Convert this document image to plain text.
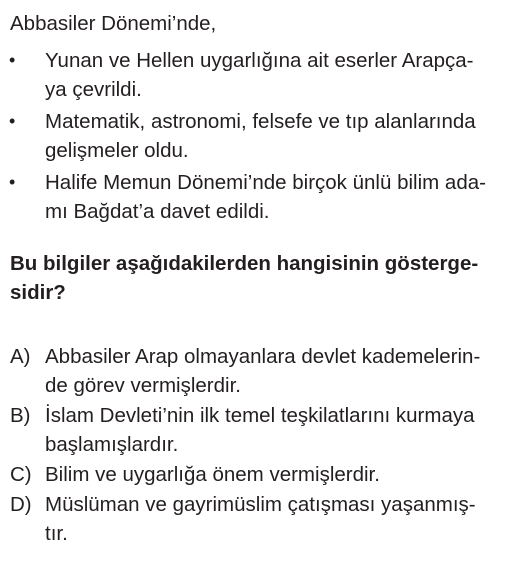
Abbasiler Dönemi’nde,
• Yunan ve Hellen uygarlığına ait eserler Arapça-
ya çevrildi.
• Matematik, astronomi, felsefe ve tıp alanlarında
gelişmeler oldu.
• Halife Memun Dönemi’nde birçok ünlü bilim ada-
mı Bağdat’a davet edildi.
Bu bilgiler aşağıdakilerden hangisinin gösterge-
sidir?
A) Abbasiler Arap olmayanlara devlet kademelerin-
de görev vermişlerdir.
B) İslam Devleti’nin ilk temel teşkilatlarını kurmaya
başlamışlardır.
C) Bilim ve uygarlığa önem vermişlerdir.
D) Müslüman ve gayrimüslim çatışması yaşanmış-
tır.
